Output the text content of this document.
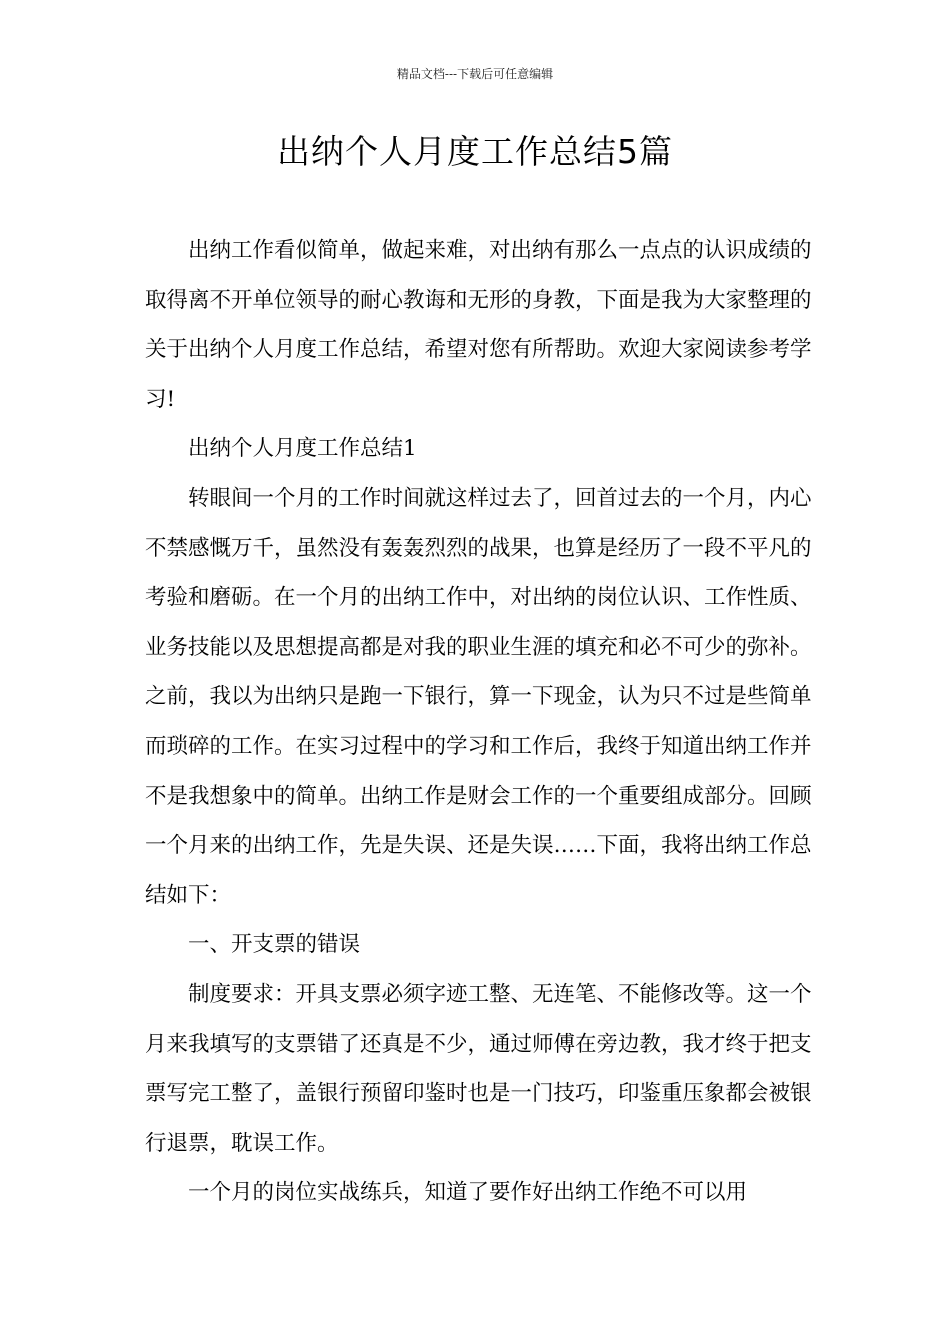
精品文档---下载后可任意编辑
出纳个人月度工作总结5篇

出纳工作看似简单，做起来难，对出纳有那么一点点的认识成绩的取得离不开单位领导的耐心教诲和无形的身教，下面是我为大家整理的关于出纳个人月度工作总结，希望对您有所帮助。欢迎大家阅读参考学习!

出纳个人月度工作总结1

转眼间一个月的工作时间就这样过去了，回首过去的一个月，内心不禁感慨万千，虽然没有轰轰烈烈的战果，也算是经历了一段不平凡的考验和磨砺。在一个月的出纳工作中，对出纳的岗位认识、工作性质、业务技能以及思想提高都是对我的职业生涯的填充和必不可少的弥补。之前，我以为出纳只是跑一下银行，算一下现金，认为只不过是些简单而琐碎的工作。在实习过程中的学习和工作后，我终于知道出纳工作并不是我想象中的简单。出纳工作是财会工作的一个重要组成部分。回顾一个月来的出纳工作，先是失误、还是失误……下面，我将出纳工作总结如下：

一、开支票的错误

制度要求：开具支票必须字迹工整、无连笔、不能修改等。这一个月来我填写的支票错了还真是不少，通过师傅在旁边教，我才终于把支票写完工整了，盖银行预留印鉴时也是一门技巧，印鉴重压象都会被银行退票，耽误工作。

一个月的岗位实战练兵，知道了要作好出纳工作绝不可以用
